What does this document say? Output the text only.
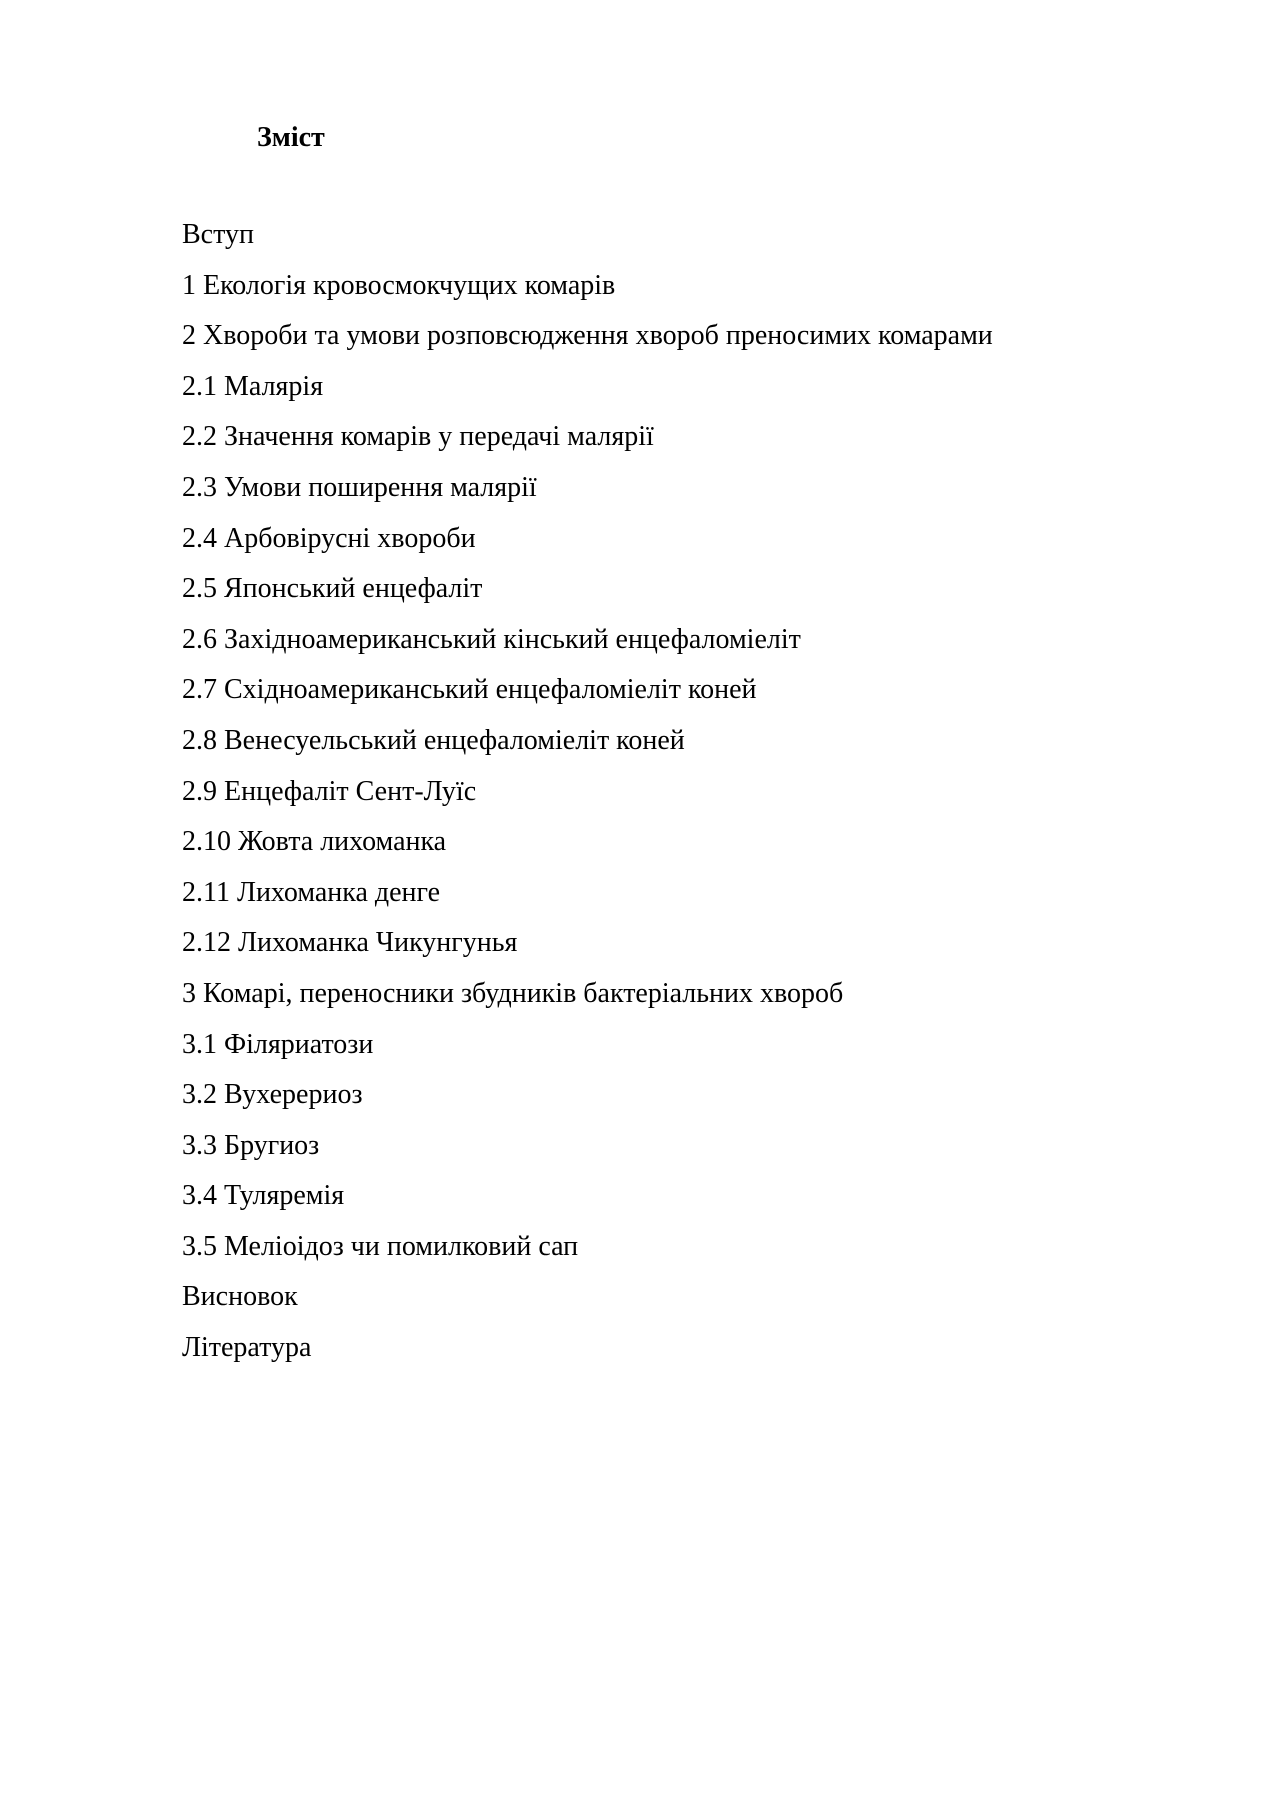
Зміст
Вступ
1 Екологія кровосмокчущих комарів
2 Хвороби та умови розповсюдження хвороб преносимих комарами
2.1 Малярія
2.2 Значення комарів у передачі малярії
2.3 Умови поширення малярії
2.4 Арбовірусні хвороби
2.5 Японський енцефаліт
2.6 Західноамериканський кінський енцефаломіеліт
2.7 Східноамериканський енцефаломіеліт коней
2.8 Венесуельський енцефаломіеліт коней
2.9 Енцефаліт Сент-Луїс
2.10 Жовта лихоманка
2.11 Лихоманка денге
2.12 Лихоманка Чикунгунья
3 Комарі, переносники збудників бактеріальних хвороб
3.1 Філяриатози
3.2 Вухерериоз
3.3 Бругиоз
3.4 Туляремія
3.5 Меліоідоз чи помилковий сап
Висновок
Література
